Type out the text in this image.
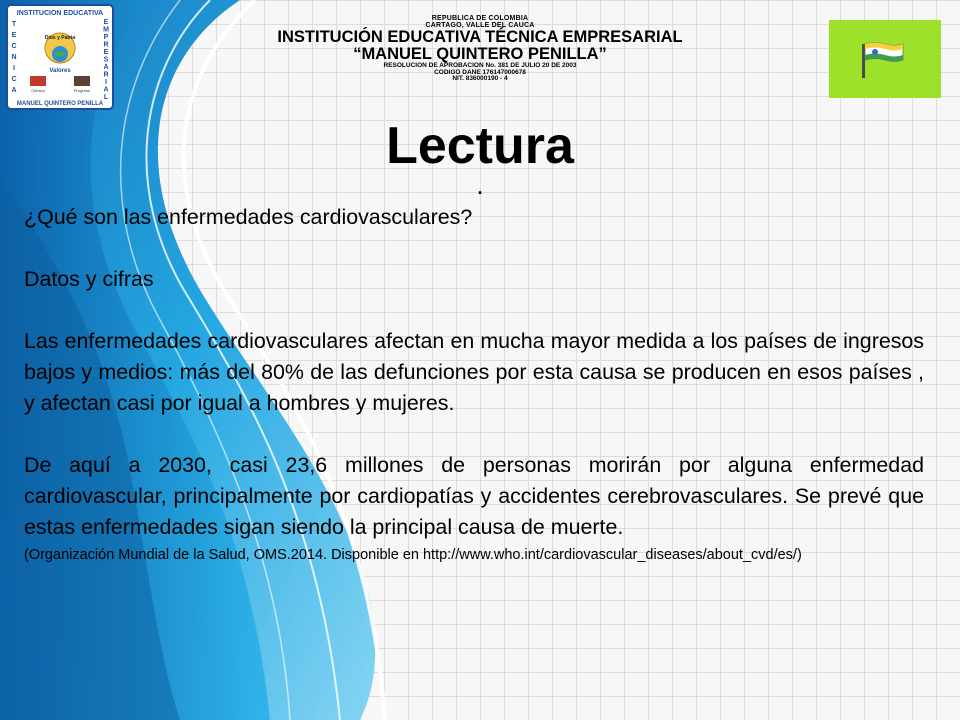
INSTITUCION EDUCATIVA
T
E
C
N
I
C
A
E
M
P
R
E
S
A
R
I
A
L
Dios y Patria
Valores
Ciencia	Progreso
MANUEL QUINTERO PENILLA
REPUBLICA DE COLOMBIA
CARTAGO, VALLE DEL CAUCA
INSTITUCIÓN EDUCATIVA TÉCNICA EMPRESARIAL
“MANUEL QUINTERO PENILLA”
RESOLUCION DE APROBACION No. 381 DE JULIO 20 DE 2003
CODIGO DANE 176147000678
NIT. 836000190 - 4
Lectura
.

¿Qué son las enfermedades cardiovasculares?

Datos y cifras

Las enfermedades cardiovasculares afectan en mucha mayor medida a los países de ingresos bajos y medios: más del 80% de las defunciones por esta causa se producen en esos países , y afectan casi por igual a hombres y mujeres.

De aquí a 2030, casi 23,6 millones de personas morirán por alguna enfermedad cardiovascular, principalmente por cardiopatías y accidentes cerebrovasculares. Se prevé que estas enfermedades sigan siendo la principal causa de muerte.

(Organización Mundial de la Salud, OMS.2014. Disponible en http://www.who.int/cardiovascular_diseases/about_cvd/es/)
